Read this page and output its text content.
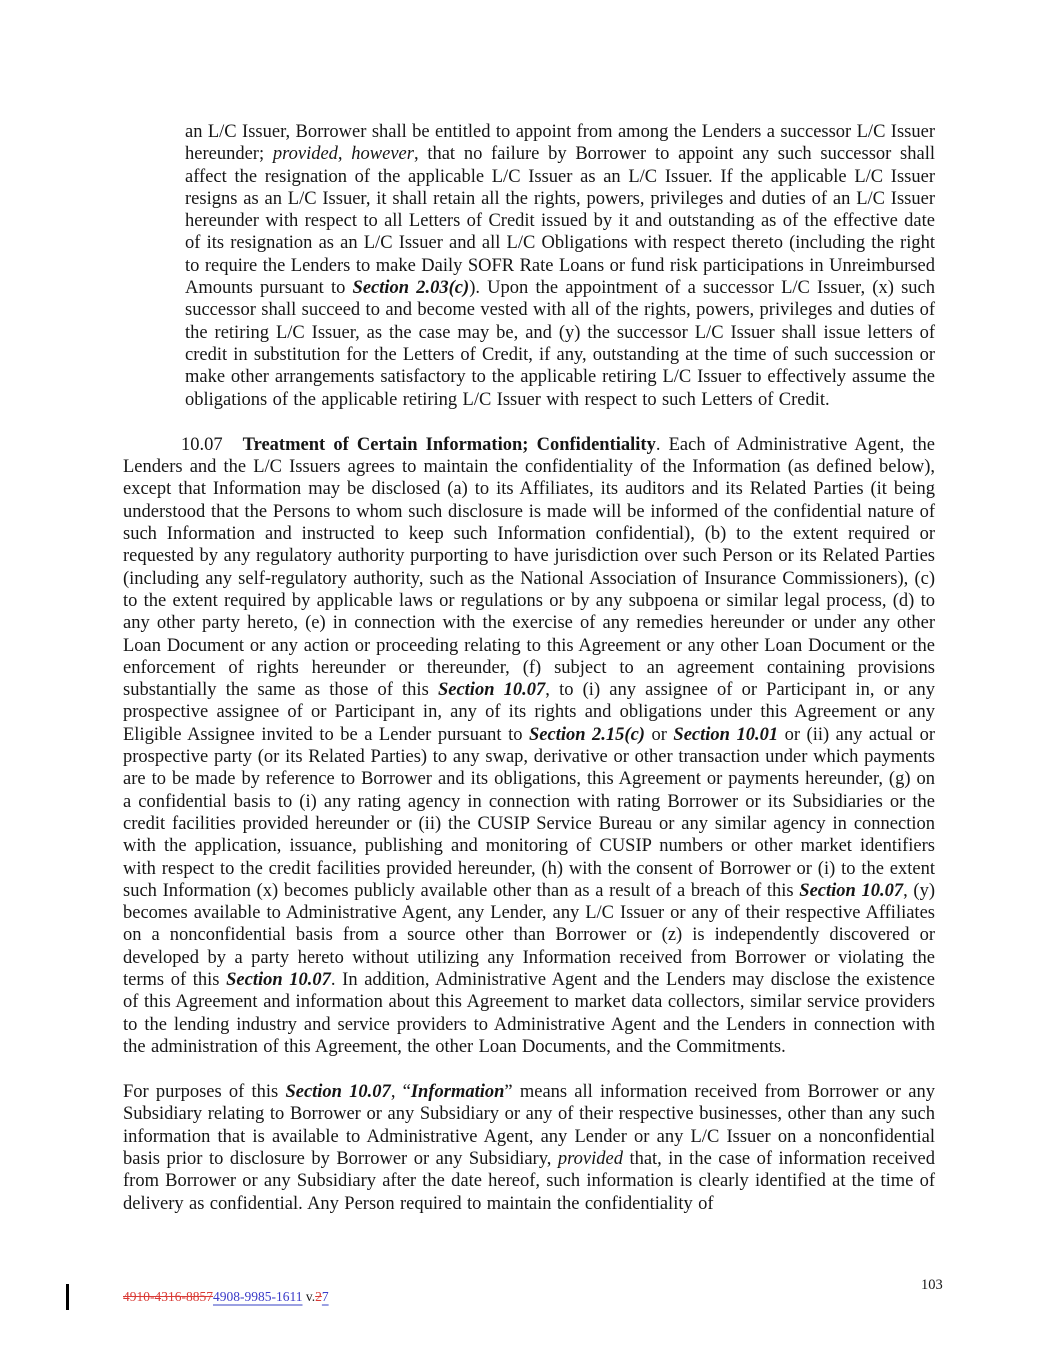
an L/C Issuer, Borrower shall be entitled to appoint from among the Lenders a successor L/C Issuer hereunder; provided, however, that no failure by Borrower to appoint any such successor shall affect the resignation of the applicable L/C Issuer as an L/C Issuer. If the applicable L/C Issuer resigns as an L/C Issuer, it shall retain all the rights, powers, privileges and duties of an L/C Issuer hereunder with respect to all Letters of Credit issued by it and outstanding as of the effective date of its resignation as an L/C Issuer and all L/C Obligations with respect thereto (including the right to require the Lenders to make Daily SOFR Rate Loans or fund risk participations in Unreimbursed Amounts pursuant to Section 2.03(c)). Upon the appointment of a successor L/C Issuer, (x) such successor shall succeed to and become vested with all of the rights, powers, privileges and duties of the retiring L/C Issuer, as the case may be, and (y) the successor L/C Issuer shall issue letters of credit in substitution for the Letters of Credit, if any, outstanding at the time of such succession or make other arrangements satisfactory to the applicable retiring L/C Issuer to effectively assume the obligations of the applicable retiring L/C Issuer with respect to such Letters of Credit.

10.07 Treatment of Certain Information; Confidentiality. Each of Administrative Agent, the Lenders and the L/C Issuers agrees to maintain the confidentiality of the Information (as defined below), except that Information may be disclosed (a) to its Affiliates, its auditors and its Related Parties (it being understood that the Persons to whom such disclosure is made will be informed of the confidential nature of such Information and instructed to keep such Information confidential), (b) to the extent required or requested by any regulatory authority purporting to have jurisdiction over such Person or its Related Parties (including any self-regulatory authority, such as the National Association of Insurance Commissioners), (c) to the extent required by applicable laws or regulations or by any subpoena or similar legal process, (d) to any other party hereto, (e) in connection with the exercise of any remedies hereunder or under any other Loan Document or any action or proceeding relating to this Agreement or any other Loan Document or the enforcement of rights hereunder or thereunder, (f) subject to an agreement containing provisions substantially the same as those of this Section 10.07, to (i) any assignee of or Participant in, or any prospective assignee of or Participant in, any of its rights and obligations under this Agreement or any Eligible Assignee invited to be a Lender pursuant to Section 2.15(c) or Section 10.01 or (ii) any actual or prospective party (or its Related Parties) to any swap, derivative or other transaction under which payments are to be made by reference to Borrower and its obligations, this Agreement or payments hereunder, (g) on a confidential basis to (i) any rating agency in connection with rating Borrower or its Subsidiaries or the credit facilities provided hereunder or (ii) the CUSIP Service Bureau or any similar agency in connection with the application, issuance, publishing and monitoring of CUSIP numbers or other market identifiers with respect to the credit facilities provided hereunder, (h) with the consent of Borrower or (i) to the extent such Information (x) becomes publicly available other than as a result of a breach of this Section 10.07, (y) becomes available to Administrative Agent, any Lender, any L/C Issuer or any of their respective Affiliates on a nonconfidential basis from a source other than Borrower or (z) is independently discovered or developed by a party hereto without utilizing any Information received from Borrower or violating the terms of this Section 10.07. In addition, Administrative Agent and the Lenders may disclose the existence of this Agreement and information about this Agreement to market data collectors, similar service providers to the lending industry and service providers to Administrative Agent and the Lenders in connection with the administration of this Agreement, the other Loan Documents, and the Commitments.

For purposes of this Section 10.07, “Information” means all information received from Borrower or any Subsidiary relating to Borrower or any Subsidiary or any of their respective businesses, other than any such information that is available to Administrative Agent, any Lender or any L/C Issuer on a nonconfidential basis prior to disclosure by Borrower or any Subsidiary, provided that, in the case of information received from Borrower or any Subsidiary after the date hereof, such information is clearly identified at the time of delivery as confidential. Any Person required to maintain the confidentiality of

4910-4316-88574908-9985-1611 v.27
103
